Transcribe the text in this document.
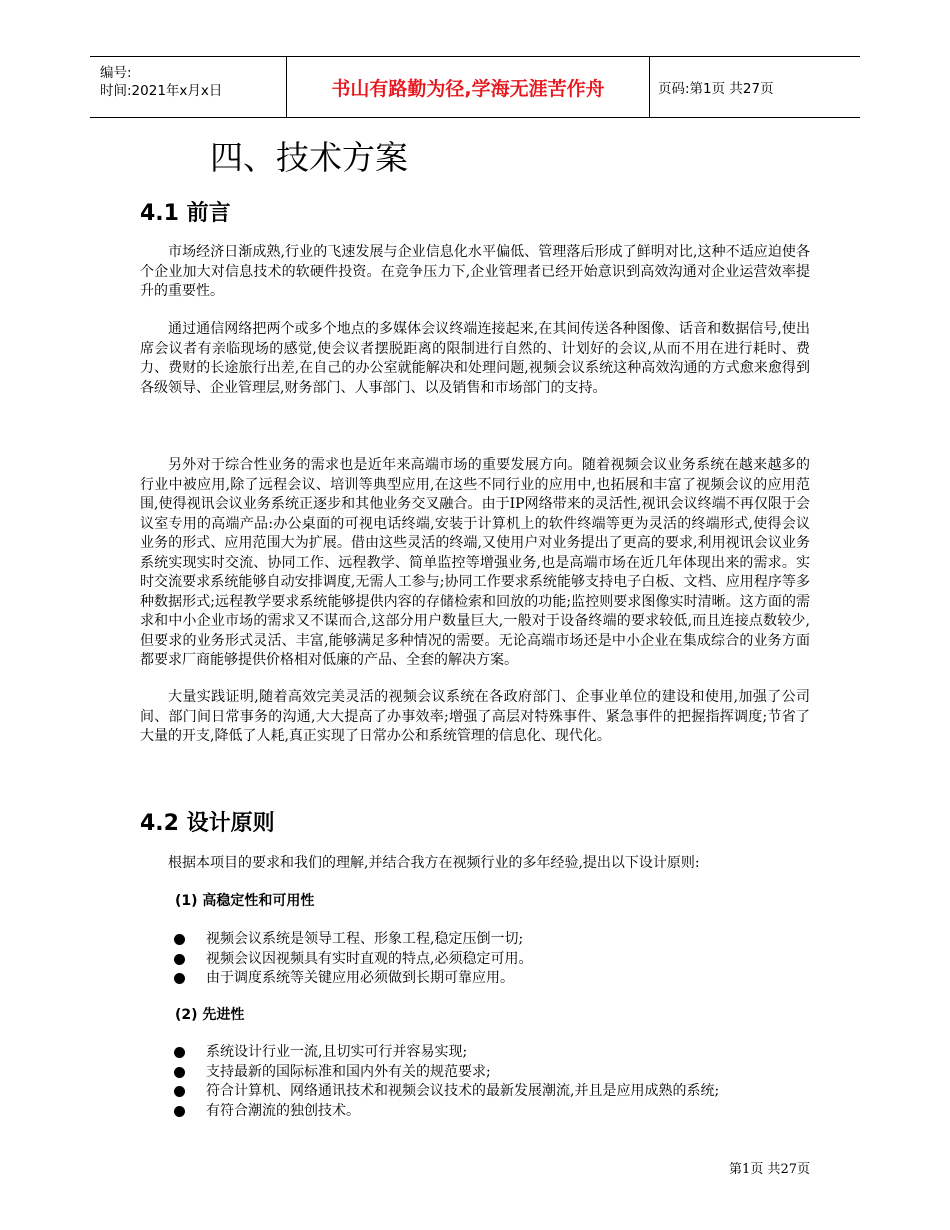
编号:
时间:2021年x月x日	书山有路勤为径,学海无涯苦作舟	页码:第1页 共27页
四、技术方案
4.1 前言

市场经济日渐成熟,行业的飞速发展与企业信息化水平偏低、管理落后形成了鲜明对比,这种不适应迫使各个企业加大对信息技术的软硬件投资。在竞争压力下,企业管理者已经开始意识到高效沟通对企业运营效率提升的重要性。

通过通信网络把两个或多个地点的多媒体会议终端连接起来,在其间传送各种图像、话音和数据信号,使出席会议者有亲临现场的感觉,使会议者摆脱距离的限制进行自然的、计划好的会议,从而不用在进行耗时、费力、费财的长途旅行出差,在自己的办公室就能解决和处理问题,视频会议系统这种高效沟通的方式愈来愈得到各级领导、企业管理层,财务部门、人事部门、以及销售和市场部门的支持。

另外对于综合性业务的需求也是近年来高端市场的重要发展方向。随着视频会议业务系统在越来越多的行业中被应用,除了远程会议、培训等典型应用,在这些不同行业的应用中,也拓展和丰富了视频会议的应用范围,使得视讯会议业务系统正逐步和其他业务交叉融合。由于IP网络带来的灵活性,视讯会议终端不再仅限于会议室专用的高端产品:办公桌面的可视电话终端,安装于计算机上的软件终端等更为灵活的终端形式,使得会议业务的形式、应用范围大为扩展。借由这些灵活的终端,又使用户对业务提出了更高的要求,利用视讯会议业务系统实现实时交流、协同工作、远程教学、简单监控等增强业务,也是高端市场在近几年体现出来的需求。实时交流要求系统能够自动安排调度,无需人工参与;协同工作要求系统能够支持电子白板、文档、应用程序等多种数据形式;远程教学要求系统能够提供内容的存储检索和回放的功能;监控则要求图像实时清晰。这方面的需求和中小企业市场的需求又不谋而合,这部分用户数量巨大,一般对于设备终端的要求较低,而且连接点数较少,但要求的业务形式灵活、丰富,能够满足多种情况的需要。无论高端市场还是中小企业在集成综合的业务方面都要求厂商能够提供价格相对低廉的产品、全套的解决方案。

大量实践证明,随着高效完美灵活的视频会议系统在各政府部门、企事业单位的建设和使用,加强了公司间、部门间日常事务的沟通,大大提高了办事效率;增强了高层对特殊事件、紧急事件的把握指挥调度;节省了大量的开支,降低了人耗,真正实现了日常办公和系统管理的信息化、现代化。

4.2 设计原则

根据本项目的要求和我们的理解,并结合我方在视频行业的多年经验,提出以下设计原则:

(1) 高稳定性和可用性

视频会议系统是领导工程、形象工程,稳定压倒一切;
视频会议因视频具有实时直观的特点,必须稳定可用。
由于调度系统等关键应用必须做到长期可靠应用。

(2) 先进性

系统设计行业一流,且切实可行并容易实现;
支持最新的国际标准和国内外有关的规范要求;
符合计算机、网络通讯技术和视频会议技术的最新发展潮流,并且是应用成熟的系统;
有符合潮流的独创技术。
第1页 共27页
